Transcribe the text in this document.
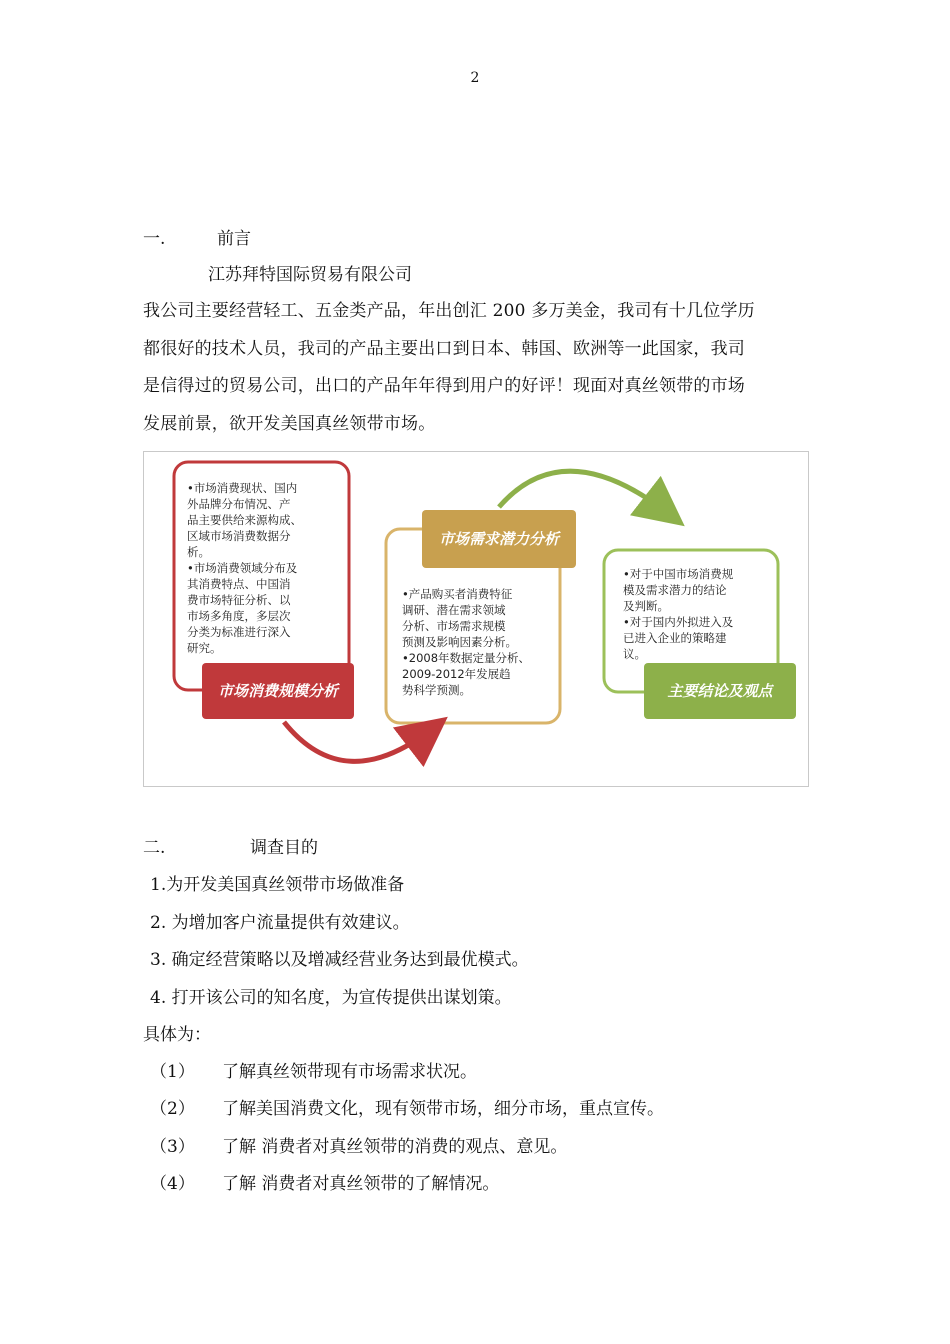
2
一.	前言
江苏拜特国际贸易有限公司
我公司主要经营轻工、五金类产品，年出创汇 200 多万美金，我司有十几位学历
都很好的技术人员，我司的产品主要出口到日本、韩国、欧洲等一此国家，我司
是信得过的贸易公司，出口的产品年年得到用户的好评！现面对真丝领带的市场
发展前景，欲开发美国真丝领带市场。
•市场消费现状、国内
外品牌分布情况、产
品主要供给来源构成、
区域市场消费数据分
析。
•市场消费领域分布及
其消费特点、中国消
费市场特征分析、以
市场多角度，多层次
分类为标准进行深入
研究。
市场消费规模分析
市场需求潜力分析
•产品购买者消费特征
调研、潜在需求领域
分析、市场需求规模
预测及影响因素分析。
•2008年数据定量分析、
2009-2012年发展趋
势科学预测。
•对于中国市场消费规
模及需求潜力的结论
及判断。
•对于国内外拟进入及
已进入企业的策略建
议。
主要结论及观点
二.	调查目的
1.为开发美国真丝领带市场做准备
2. 为增加客户流量提供有效建议。
3. 确定经营策略以及增减经营业务达到最优模式。
4. 打开该公司的知名度，为宣传提供出谋划策。
具体为：
（1） 了解真丝领带现有市场需求状况。
（2） 了解美国消费文化，现有领带市场，细分市场，重点宣传。
（3） 了解 消费者对真丝领带的消费的观点、意见。
（4） 了解 消费者对真丝领带的了解情况。
